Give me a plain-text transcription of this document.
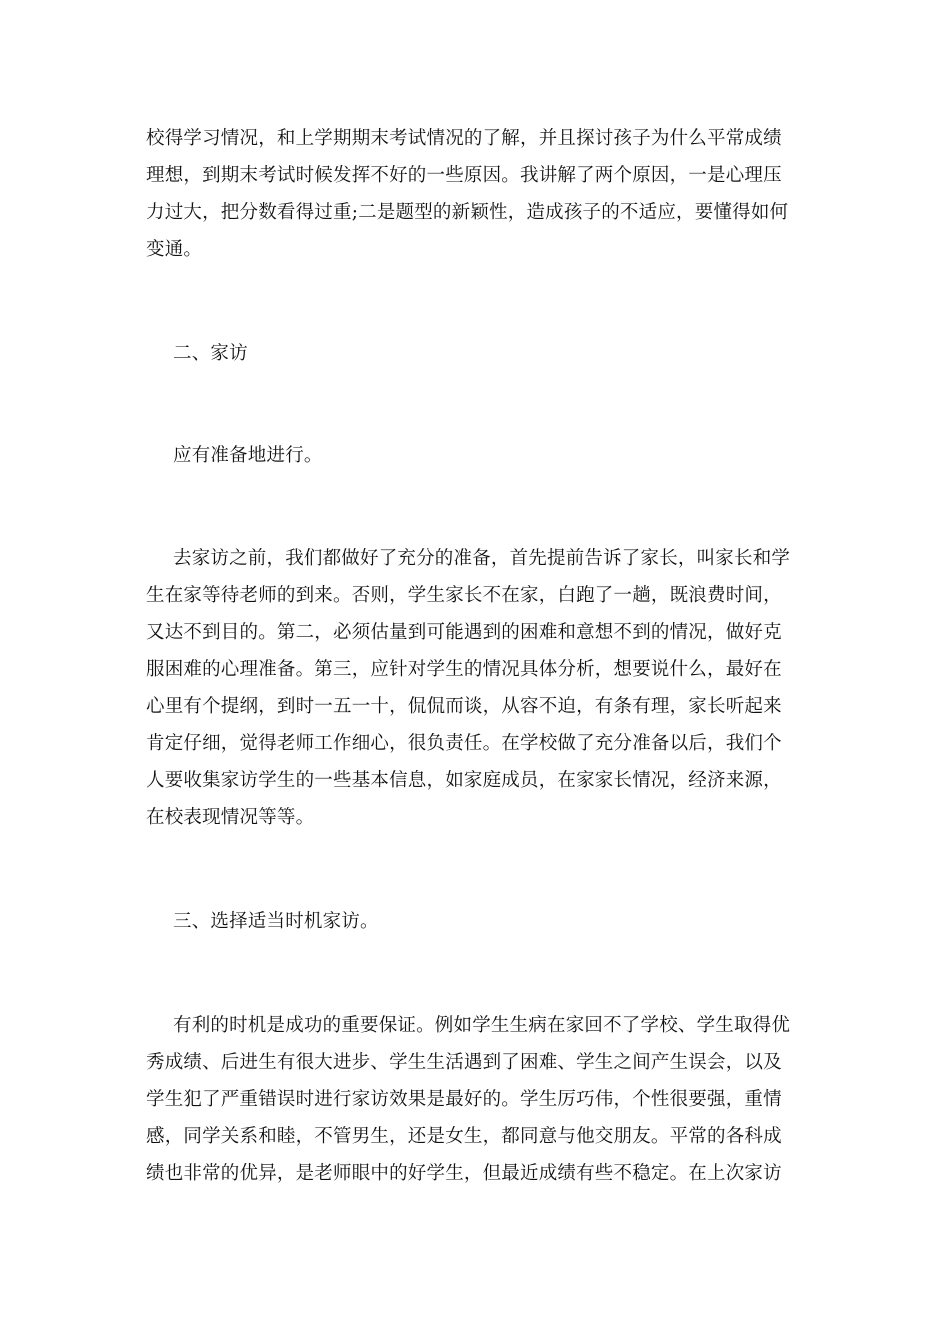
校得学习情况，和上学期期末考试情况的了解，并且探讨孩子为什么平常成绩
理想，到期末考试时候发挥不好的一些原因。我讲解了两个原因，一是心理压
力过大，把分数看得过重;二是题型的新颖性，造成孩子的不适应，要懂得如何
变通。
二、家访
应有准备地进行。
去家访之前，我们都做好了充分的准备，首先提前告诉了家长，叫家长和学
生在家等待老师的到来。否则，学生家长不在家，白跑了一趟，既浪费时间，
又达不到目的。第二，必须估量到可能遇到的困难和意想不到的情况，做好克
服困难的心理准备。第三，应针对学生的情况具体分析，想要说什么，最好在
心里有个提纲，到时一五一十，侃侃而谈，从容不迫，有条有理，家长听起来
肯定仔细，觉得老师工作细心，很负责任。在学校做了充分准备以后，我们个
人要收集家访学生的一些基本信息，如家庭成员，在家家长情况，经济来源，
在校表现情况等等。
三、选择适当时机家访。
有利的时机是成功的重要保证。例如学生生病在家回不了学校、学生取得优
秀成绩、后进生有很大进步、学生生活遇到了困难、学生之间产生误会，以及
学生犯了严重错误时进行家访效果是最好的。学生厉巧伟，个性很要强，重情
感，同学关系和睦，不管男生，还是女生，都同意与他交朋友。平常的各科成
绩也非常的优异，是老师眼中的好学生，但最近成绩有些不稳定。在上次家访
